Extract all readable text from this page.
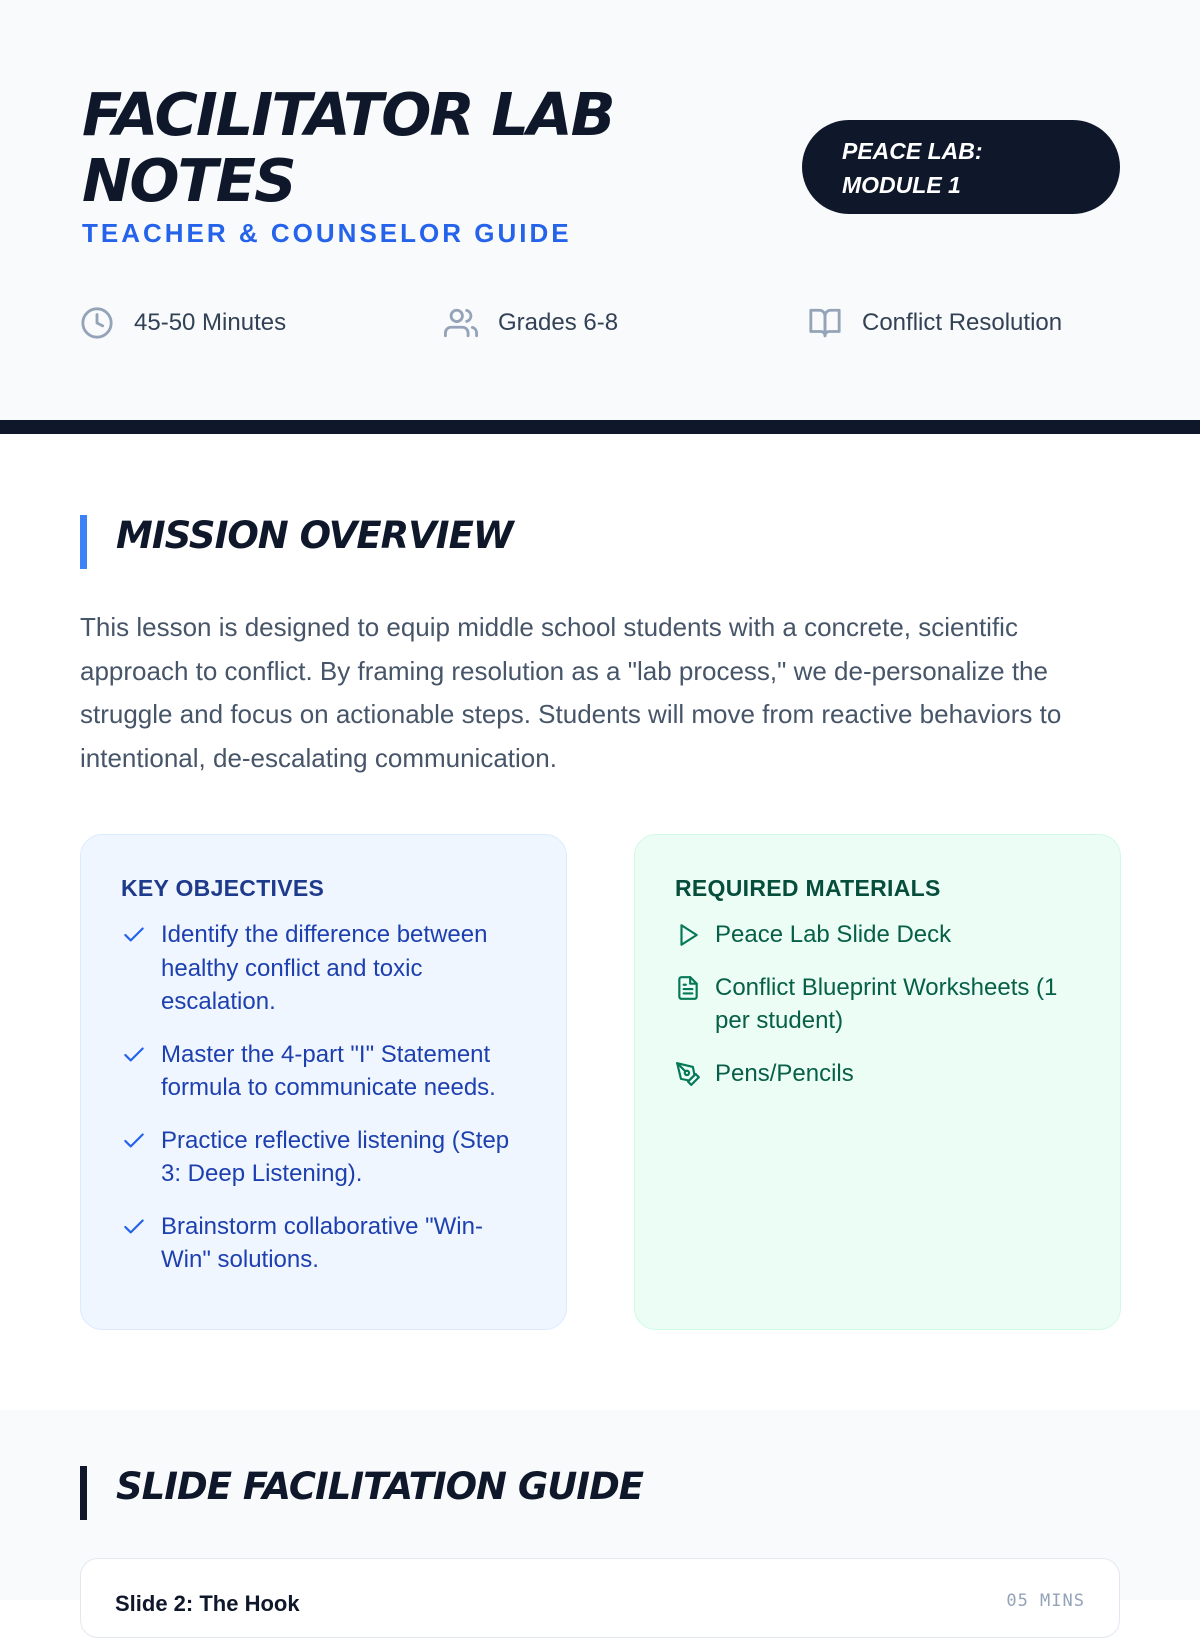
FACILITATOR LAB NOTES
TEACHER & COUNSELOR GUIDE
PEACE LAB: MODULE 1
45-50 Minutes	Grades 6-8	Conflict Resolution
MISSION OVERVIEW

This lesson is designed to equip middle school students with a concrete, scientific approach to conflict. By framing resolution as a "lab process," we de-personalize the struggle and focus on actionable steps. Students will move from reactive behaviors to intentional, de-escalating communication.

KEY OBJECTIVES
Identify the difference between healthy conflict and toxic escalation.
Master the 4-part "I" Statement formula to communicate needs.
Practice reflective listening (Step 3: Deep Listening).
Brainstorm collaborative "Win-Win" solutions.
REQUIRED MATERIALS
Peace Lab Slide Deck
Conflict Blueprint Worksheets (1 per student)
Pens/Pencils
SLIDE FACILITATION GUIDE
Slide 2: The Hook	05 MINS
